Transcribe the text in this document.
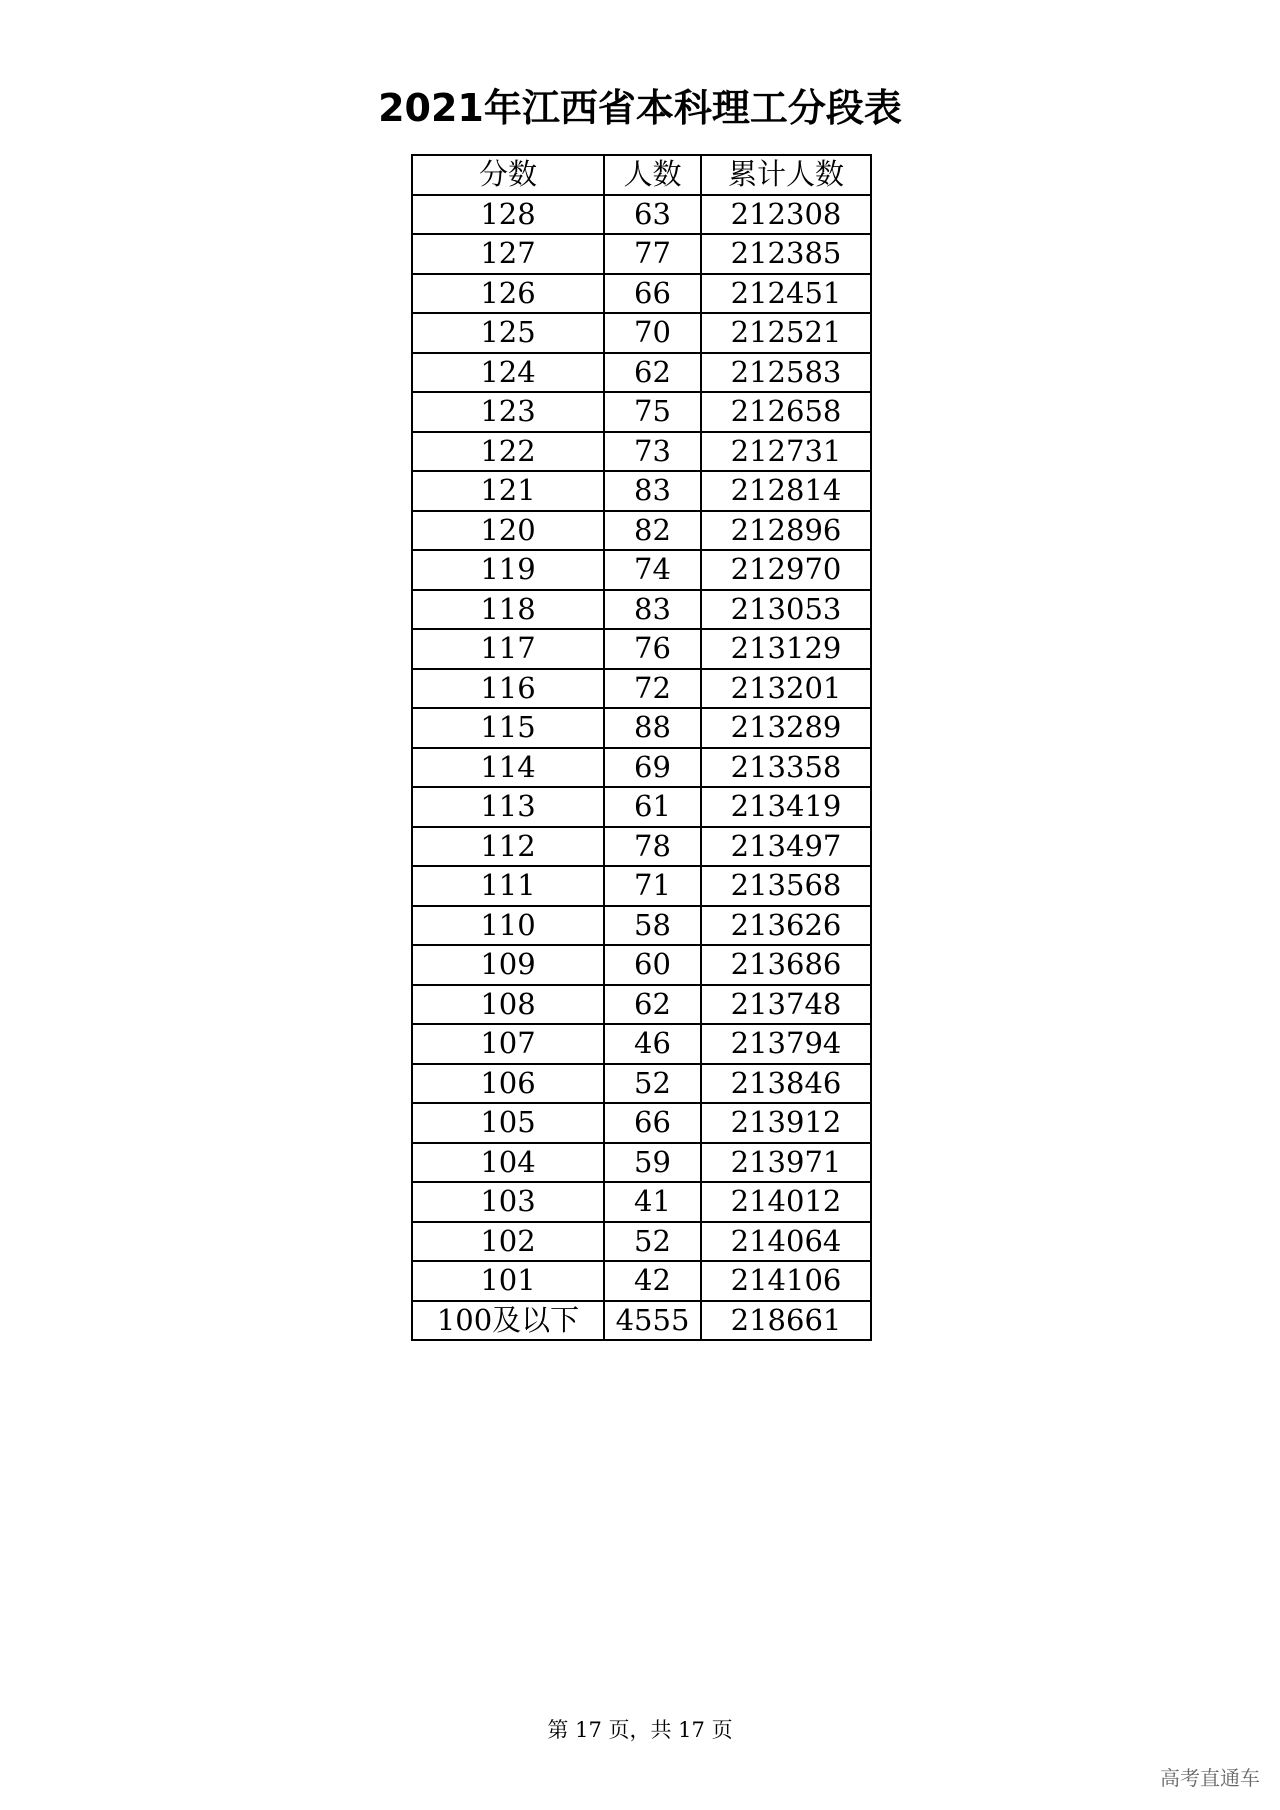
2021年江西省本科理工分段表
分数	人数	累计人数
128	63	212308
127	77	212385
126	66	212451
125	70	212521
124	62	212583
123	75	212658
122	73	212731
121	83	212814
120	82	212896
119	74	212970
118	83	213053
117	76	213129
116	72	213201
115	88	213289
114	69	213358
113	61	213419
112	78	213497
111	71	213568
110	58	213626
109	60	213686
108	62	213748
107	46	213794
106	52	213846
105	66	213912
104	59	213971
103	41	214012
102	52	214064
101	42	214106
100及以下	4555	218661
第 17 页，共 17 页
高考直通车
